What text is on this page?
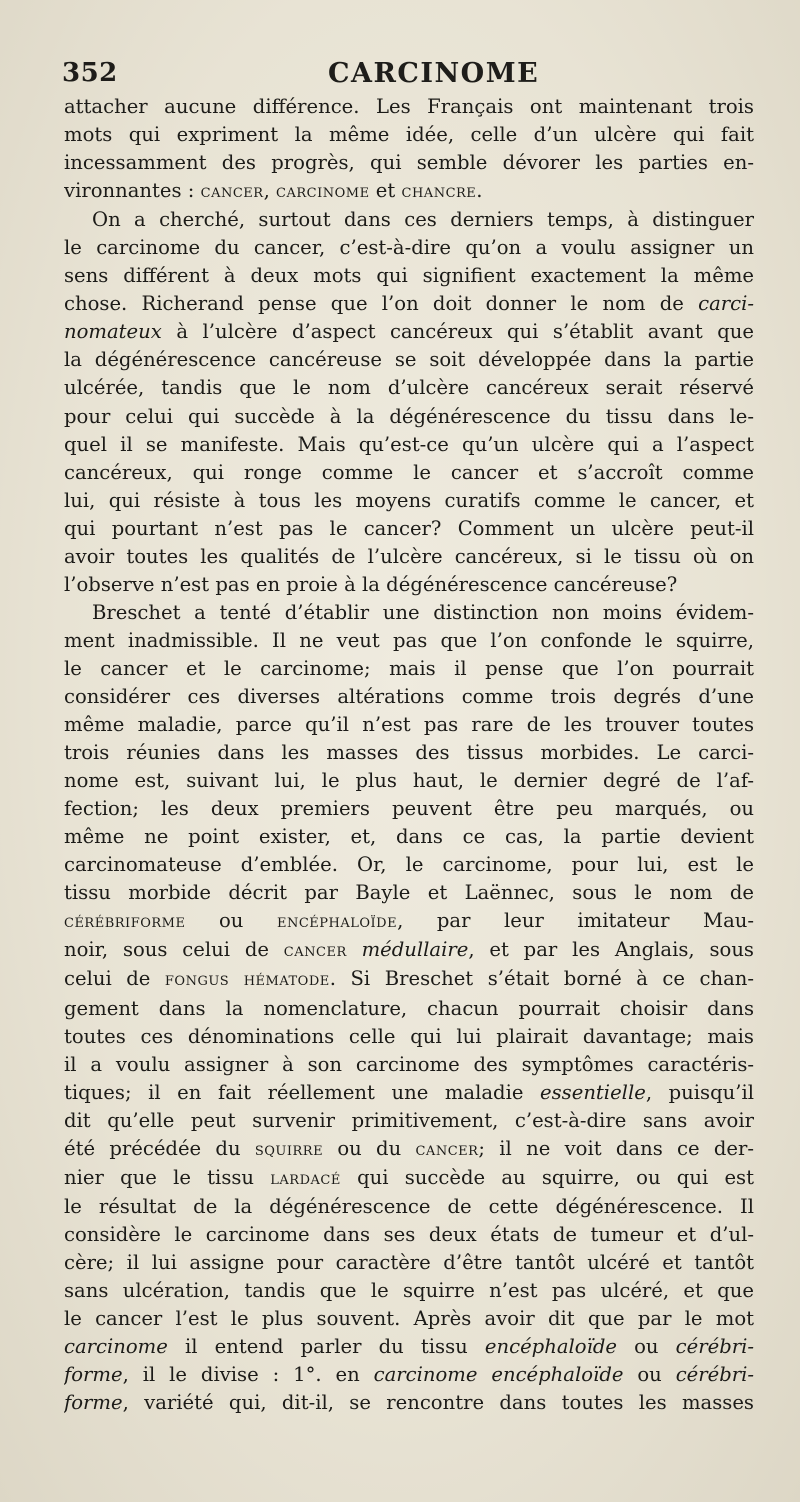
352	CARCINOME
attacher aucune différence. Les Français ont maintenant trois
mots qui expriment la même idée, celle d’un ulcère qui fait
incessamment des progrès, qui semble dévorer les parties en-
vironnantes : cancer, carcinome et chancre.
On a cherché, surtout dans ces derniers temps, à distinguer
le carcinome du cancer, c’est-à-dire qu’on a voulu assigner un
sens différent à deux mots qui signifient exactement la même
chose. Richerand pense que l’on doit donner le nom de carci-
nomateux à l’ulcère d’aspect cancéreux qui s’établit avant que
la dégénérescence cancéreuse se soit développée dans la partie
ulcérée, tandis que le nom d’ulcère cancéreux serait réservé
pour celui qui succède à la dégénérescence du tissu dans le-
quel il se manifeste. Mais qu’est-ce qu’un ulcère qui a l’aspect
cancéreux, qui ronge comme le cancer et s’accroît comme
lui, qui résiste à tous les moyens curatifs comme le cancer, et
qui pourtant n’est pas le cancer? Comment un ulcère peut-il
avoir toutes les qualités de l’ulcère cancéreux, si le tissu où on
l’observe n’est pas en proie à la dégénérescence cancéreuse?
Breschet a tenté d’établir une distinction non moins évidem-
ment inadmissible. Il ne veut pas que l’on confonde le squirre,
le cancer et le carcinome; mais il pense que l’on pourrait
considérer ces diverses altérations comme trois degrés d’une
même maladie, parce qu’il n’est pas rare de les trouver toutes
trois réunies dans les masses des tissus morbides. Le carci-
nome est, suivant lui, le plus haut, le dernier degré de l’af-
fection; les deux premiers peuvent être peu marqués, ou
même ne point exister, et, dans ce cas, la partie devient
carcinomateuse d’emblée. Or, le carcinome, pour lui, est le
tissu morbide décrit par Bayle et Laënnec, sous le nom de
cérébriforme ou encéphaloïde, par leur imitateur Mau-
noir, sous celui de cancer médullaire, et par les Anglais, sous
celui de fongus hématode. Si Breschet s’était borné à ce chan-
gement dans la nomenclature, chacun pourrait choisir dans
toutes ces dénominations celle qui lui plairait davantage; mais
il a voulu assigner à son carcinome des symptômes caractéris-
tiques; il en fait réellement une maladie essentielle, puisqu’il
dit qu’elle peut survenir primitivement, c’est-à-dire sans avoir
été précédée du squirre ou du cancer; il ne voit dans ce der-
nier que le tissu lardacé qui succède au squirre, ou qui est
le résultat de la dégénérescence de cette dégénérescence. Il
considère le carcinome dans ses deux états de tumeur et d’ul-
cère; il lui assigne pour caractère d’être tantôt ulcéré et tantôt
sans ulcération, tandis que le squirre n’est pas ulcéré, et que
le cancer l’est le plus souvent. Après avoir dit que par le mot
carcinome il entend parler du tissu encéphaloïde ou cérébri-
forme, il le divise : 1°. en carcinome encéphaloïde ou cérébri-
forme, variété qui, dit-il, se rencontre dans toutes les masses
